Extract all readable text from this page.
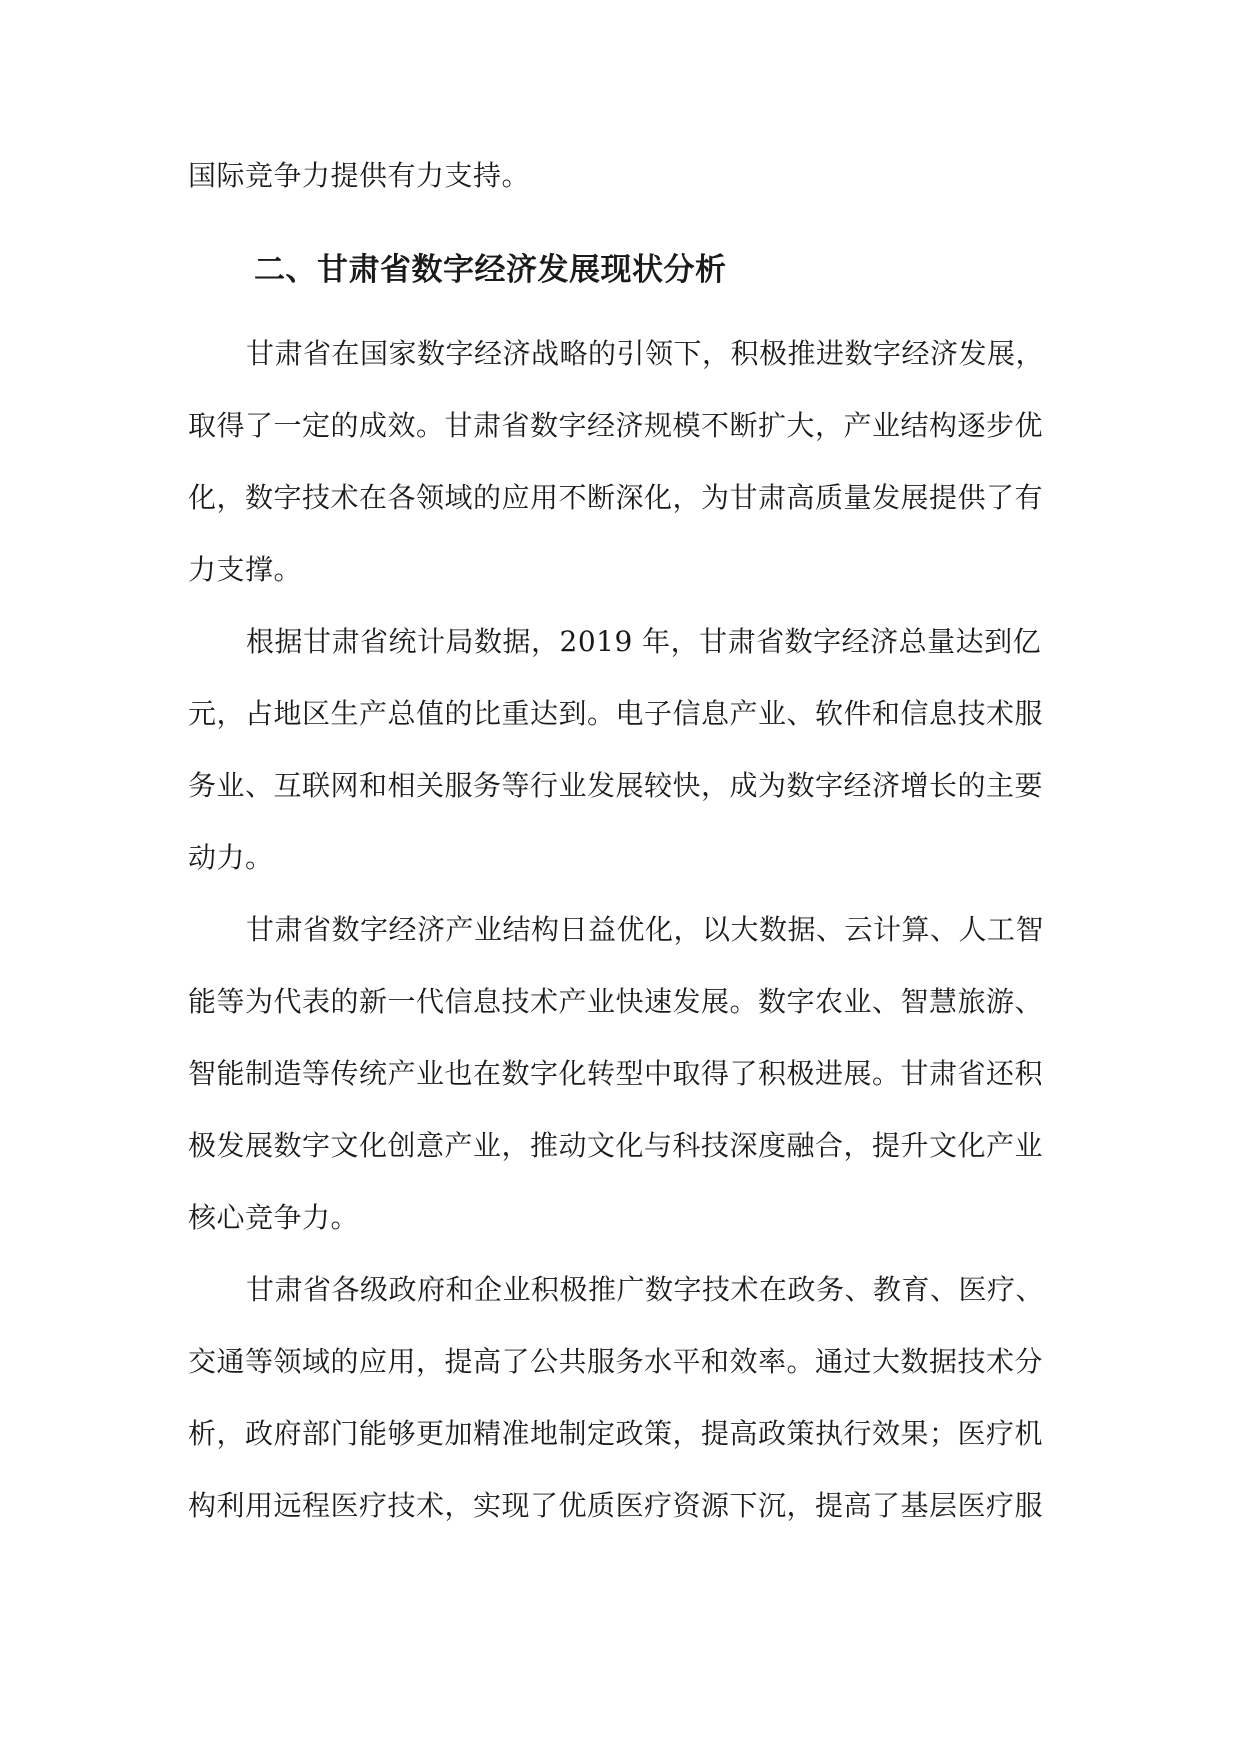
国际竞争力提供有力支持。
二、甘肃省数字经济发展现状分析
甘肃省在国家数字经济战略的引领下，积极推进数字经济发展，
取得了一定的成效。甘肃省数字经济规模不断扩大，产业结构逐步优
化，数字技术在各领域的应用不断深化，为甘肃高质量发展提供了有
力支撑。
根据甘肃省统计局数据，2019 年，甘肃省数字经济总量达到亿
元，占地区生产总值的比重达到。电子信息产业、软件和信息技术服
务业、互联网和相关服务等行业发展较快，成为数字经济增长的主要
动力。
甘肃省数字经济产业结构日益优化，以大数据、云计算、人工智
能等为代表的新一代信息技术产业快速发展。数字农业、智慧旅游、
智能制造等传统产业也在数字化转型中取得了积极进展。甘肃省还积
极发展数字文化创意产业，推动文化与科技深度融合，提升文化产业
核心竞争力。
甘肃省各级政府和企业积极推广数字技术在政务、教育、医疗、
交通等领域的应用，提高了公共服务水平和效率。通过大数据技术分
析，政府部门能够更加精准地制定政策，提高政策执行效果；医疗机
构利用远程医疗技术，实现了优质医疗资源下沉，提高了基层医疗服
